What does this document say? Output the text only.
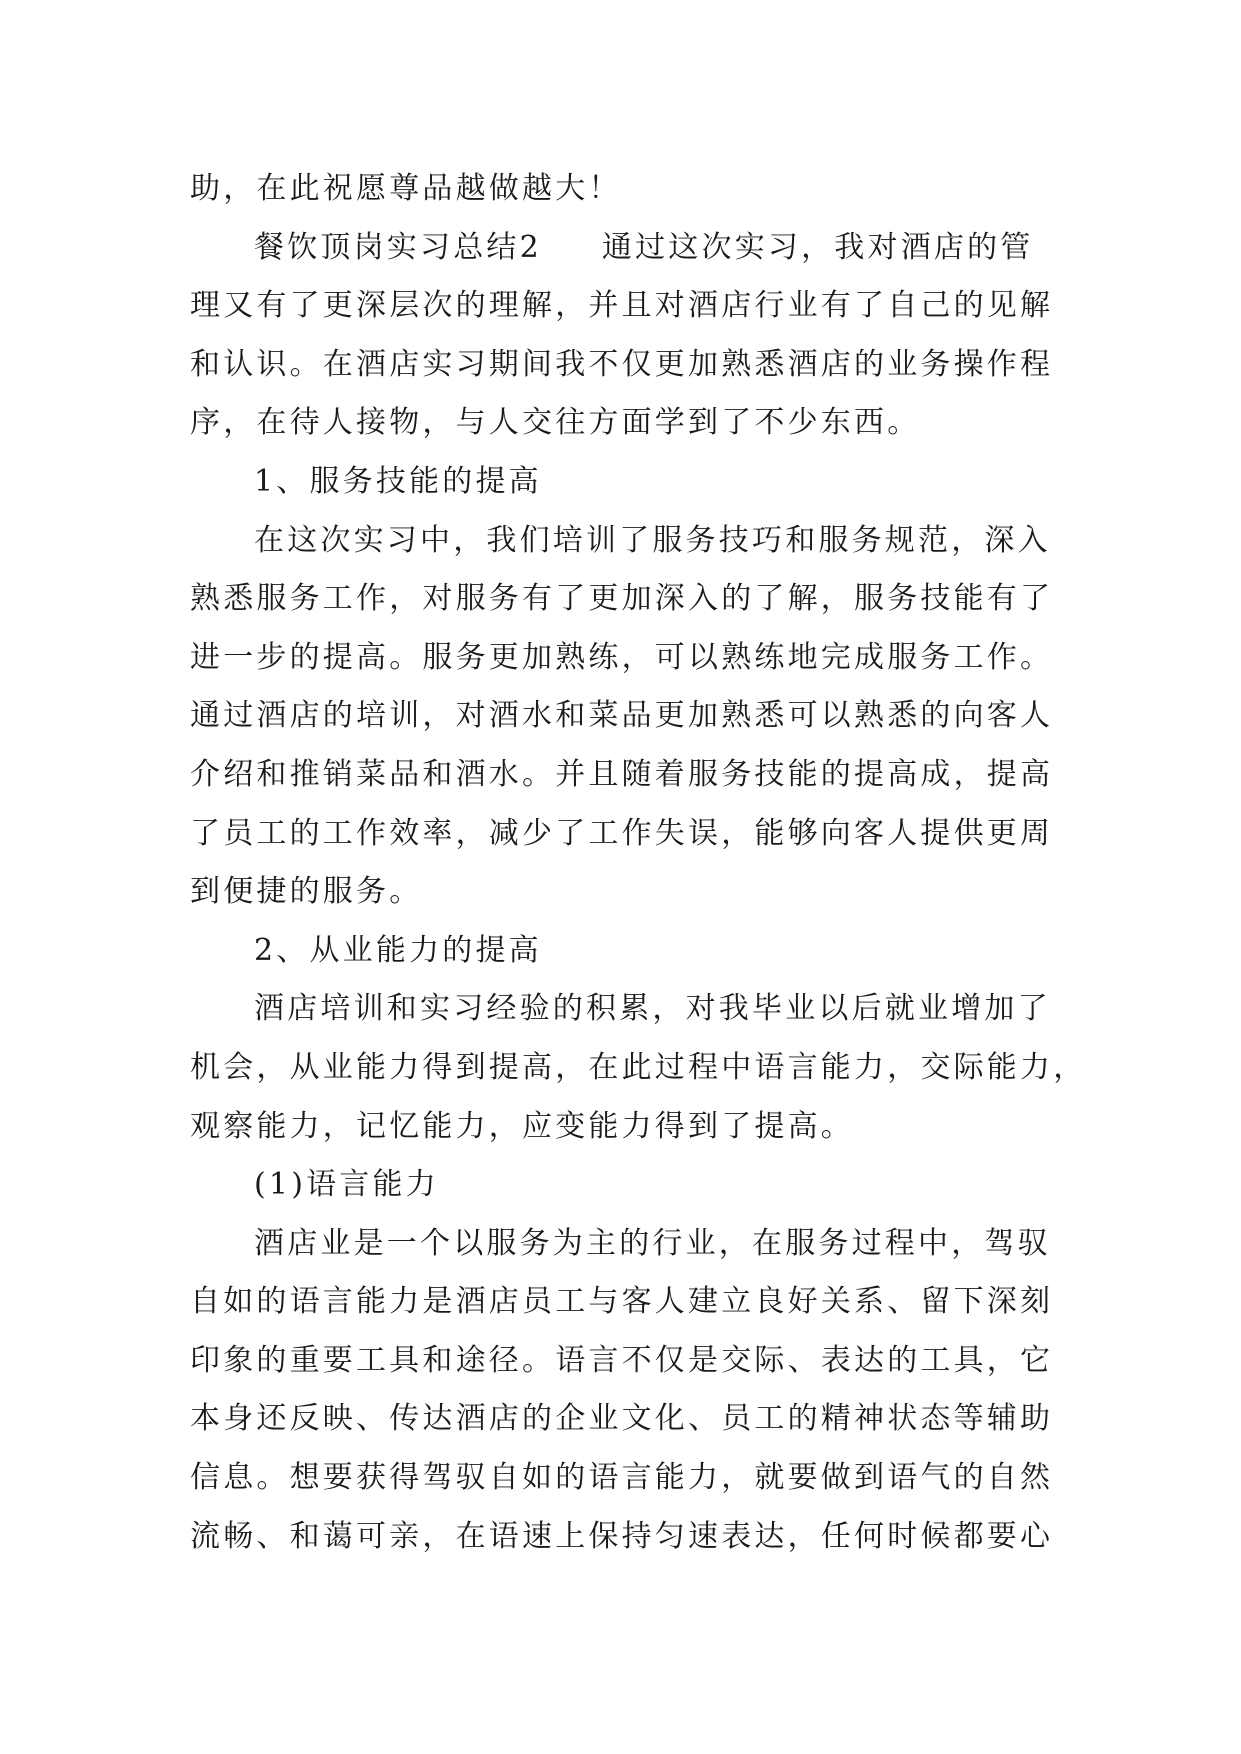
助，在此祝愿尊品越做越大！
餐饮顶岗实习总结2 通过这次实习，我对酒店的管
理又有了更深层次的理解，并且对酒店行业有了自己的见解
和认识。在酒店实习期间我不仅更加熟悉酒店的业务操作程
序，在待人接物，与人交往方面学到了不少东西。
1、服务技能的提高
在这次实习中，我们培训了服务技巧和服务规范，深入
熟悉服务工作，对服务有了更加深入的了解，服务技能有了
进一步的提高。服务更加熟练，可以熟练地完成服务工作。
通过酒店的培训，对酒水和菜品更加熟悉可以熟悉的向客人
介绍和推销菜品和酒水。并且随着服务技能的提高成，提高
了员工的工作效率，减少了工作失误，能够向客人提供更周
到便捷的服务。
2、从业能力的提高
酒店培训和实习经验的积累，对我毕业以后就业增加了
机会，从业能力得到提高，在此过程中语言能力，交际能力，
观察能力，记忆能力，应变能力得到了提高。
(1)语言能力
酒店业是一个以服务为主的行业，在服务过程中，驾驭
自如的语言能力是酒店员工与客人建立良好关系、留下深刻
印象的重要工具和途径。语言不仅是交际、表达的工具，它
本身还反映、传达酒店的企业文化、员工的精神状态等辅助
信息。想要获得驾驭自如的语言能力，就要做到语气的自然
流畅、和蔼可亲，在语速上保持匀速表达，任何时候都要心
